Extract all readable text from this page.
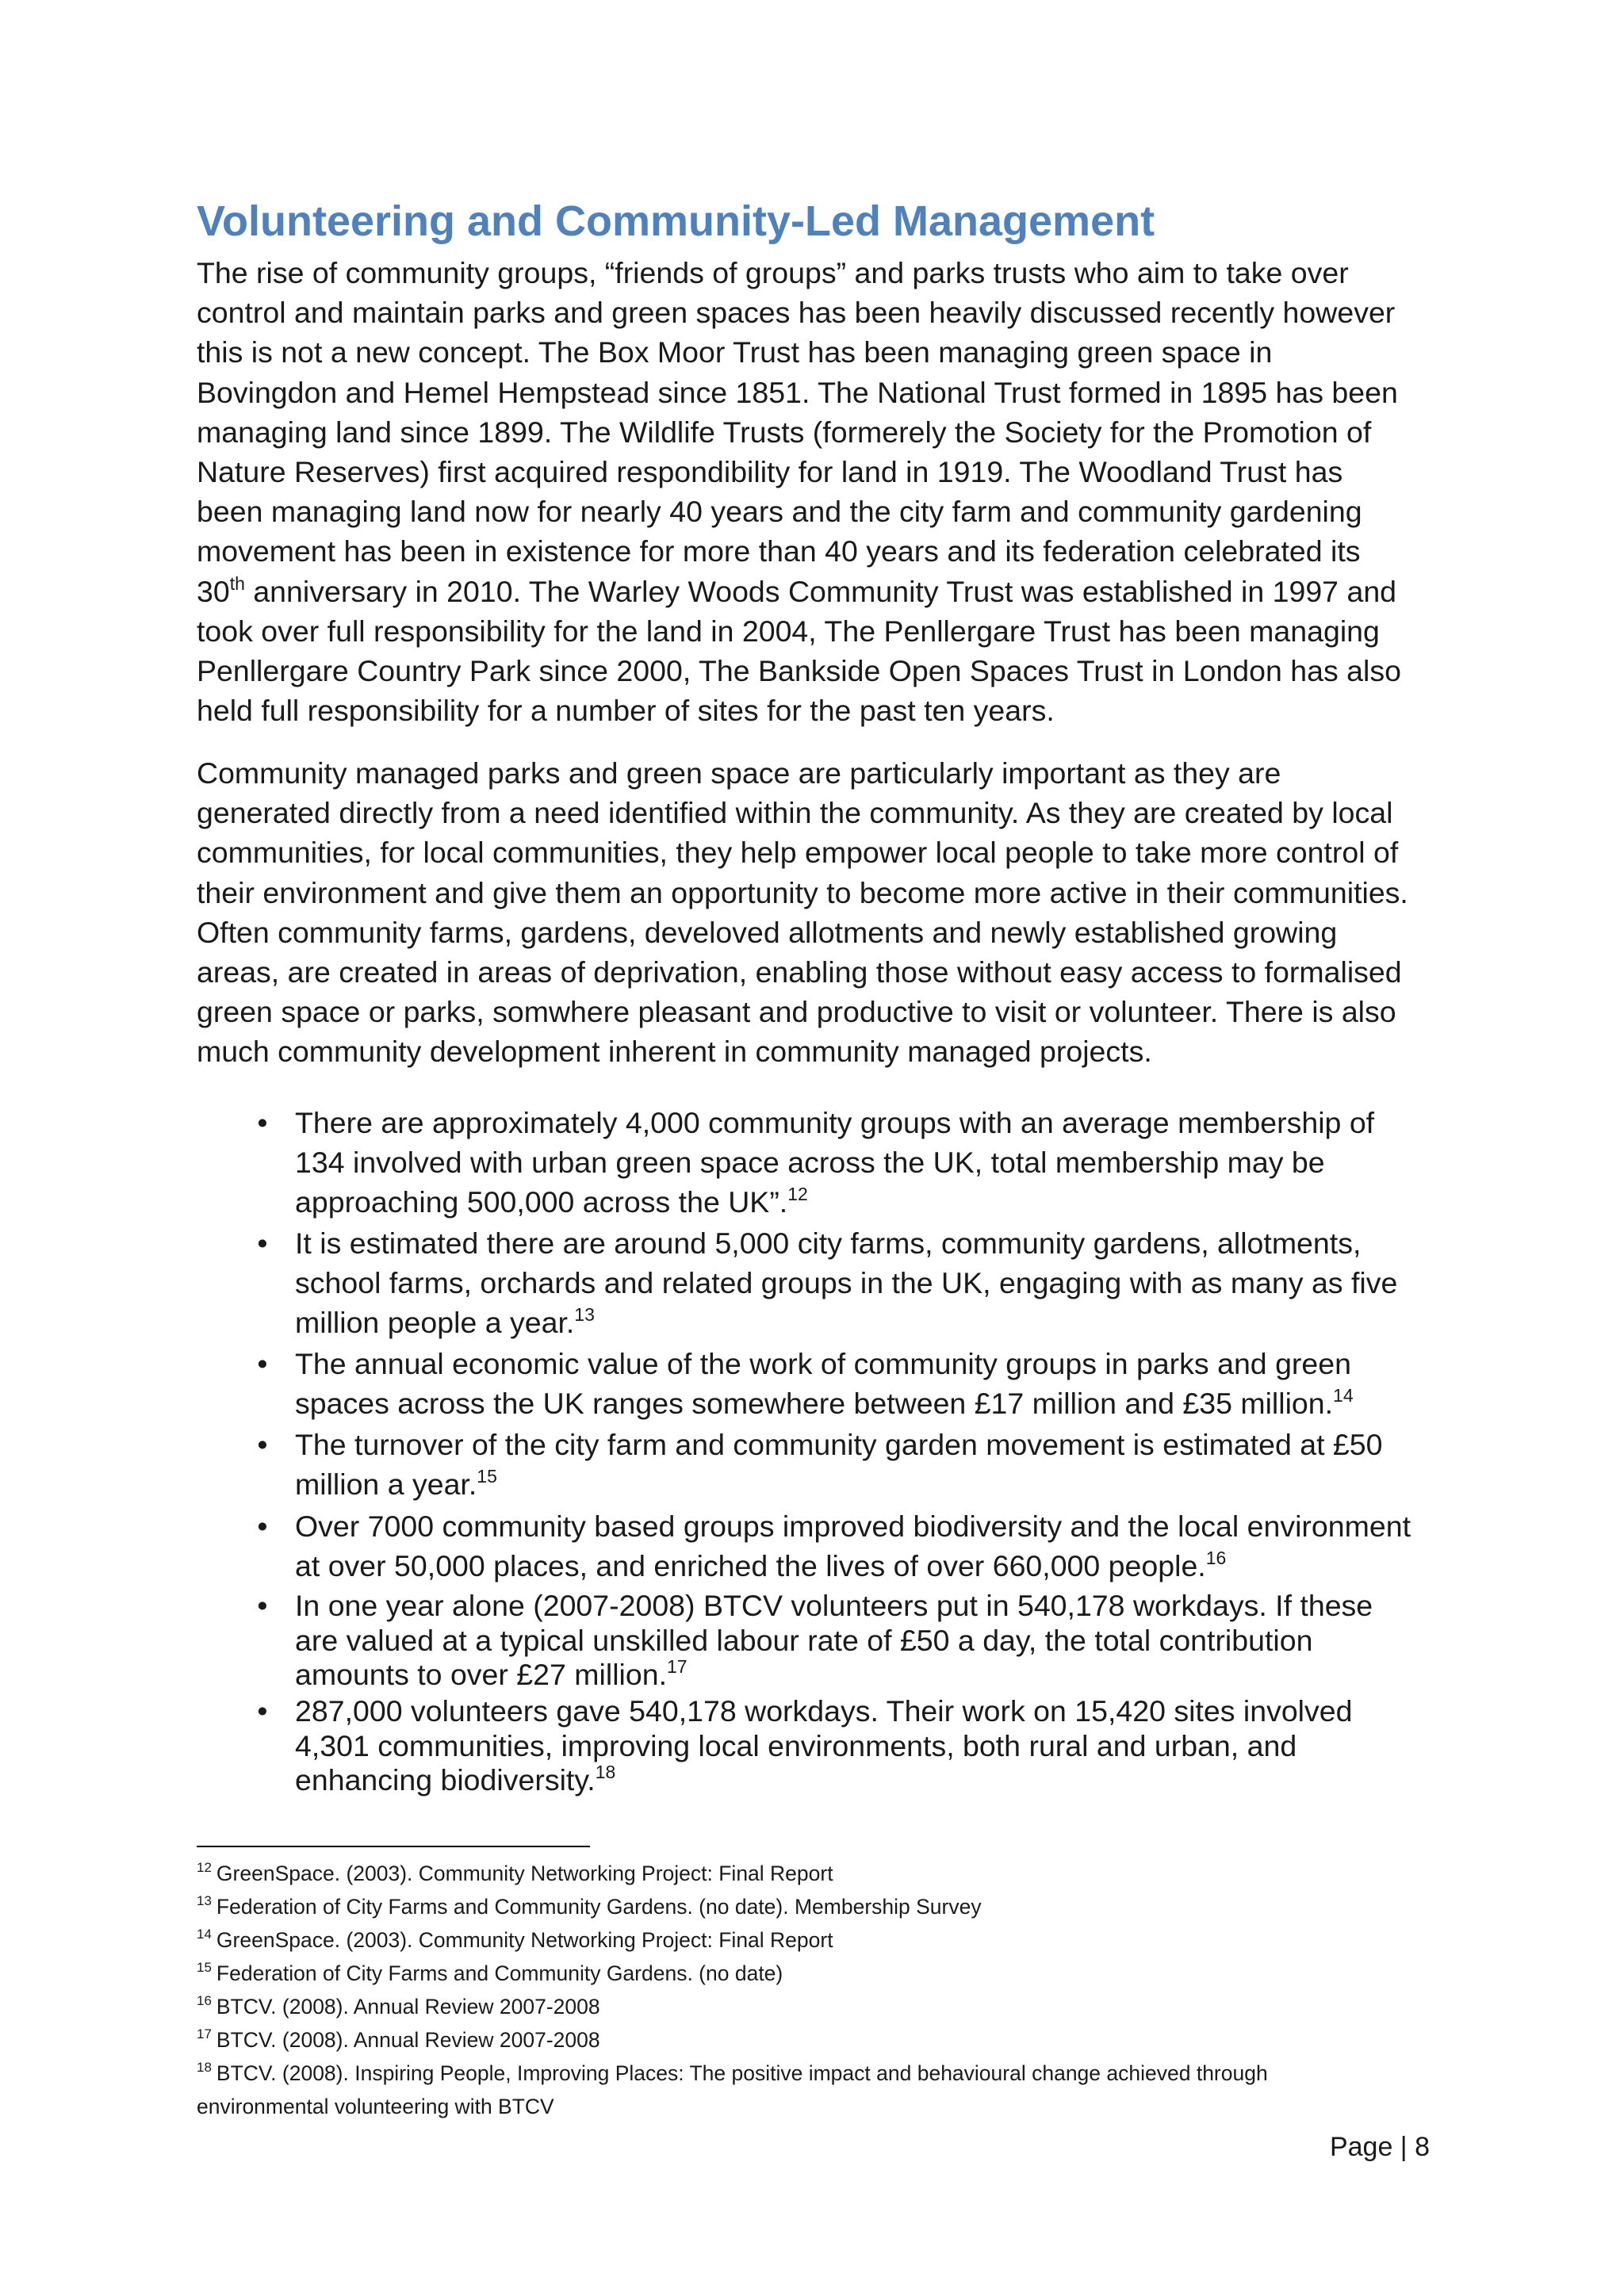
Volunteering and Community-Led Management

The rise of community groups, “friends of groups” and parks trusts who aim to take over
control and maintain parks and green spaces has been heavily discussed recently however
this is not a new concept. The Box Moor Trust has been managing green space in
Bovingdon and Hemel Hempstead since 1851. The National Trust formed in 1895 has been
managing land since 1899. The Wildlife Trusts (formerely the Society for the Promotion of
Nature Reserves) first acquired respondibility for land in 1919. The Woodland Trust has
been managing land now for nearly 40 years and the city farm and community gardening
movement has been in existence for more than 40 years and its federation celebrated its
30th anniversary in 2010. The Warley Woods Community Trust was established in 1997 and
took over full responsibility for the land in 2004, The Penllergare Trust has been managing
Penllergare Country Park since 2000, The Bankside Open Spaces Trust in London has also
held full responsibility for a number of sites for the past ten years.

Community managed parks and green space are particularly important as they are
generated directly from a need identified within the community. As they are created by local
communities, for local communities, they help empower local people to take more control of
their environment and give them an opportunity to become more active in their communities.
Often community farms, gardens, develoved allotments and newly established growing
areas, are created in areas of deprivation, enabling those without easy access to formalised
green space or parks, somwhere pleasant and productive to visit or volunteer. There is also
much community development inherent in community managed projects.

• There are approximately 4,000 community groups with an average membership of
134 involved with urban green space across the UK, total membership may be
approaching 500,000 across the UK”.$^{12}$
• It is estimated there are around 5,000 city farms, community gardens, allotments,
school farms, orchards and related groups in the UK, engaging with as many as five
million people a year.$^{13}$
• The annual economic value of the work of community groups in parks and green
spaces across the UK ranges somewhere between £17 million and £35 million.$^{14}$
• The turnover of the city farm and community garden movement is estimated at £50
million a year.$^{15}$
• Over 7000 community based groups improved biodiversity and the local environment
at over 50,000 places, and enriched the lives of over 660,000 people.$^{16}$
• In one year alone (2007-2008) BTCV volunteers put in 540,178 workdays. If these
are valued at a typical unskilled labour rate of £50 a day, the total contribution
amounts to over £27 million.$^{17}$
• 287,000 volunteers gave 540,178 workdays. Their work on 15,420 sites involved
4,301 communities, improving local environments, both rural and urban, and
enhancing biodiversity.$^{18}$
$^{12}$ GreenSpace. (2003). Community Networking Project: Final Report
$^{13}$ Federation of City Farms and Community Gardens. (no date). Membership Survey
$^{14}$ GreenSpace. (2003). Community Networking Project: Final Report
$^{15}$ Federation of City Farms and Community Gardens. (no date)
$^{16}$ BTCV. (2008). Annual Review 2007-2008
$^{17}$ BTCV. (2008). Annual Review 2007-2008
$^{18}$ BTCV. (2008). Inspiring People, Improving Places: The positive impact and behavioural change achieved through
environmental volunteering with BTCV
Page | 8
